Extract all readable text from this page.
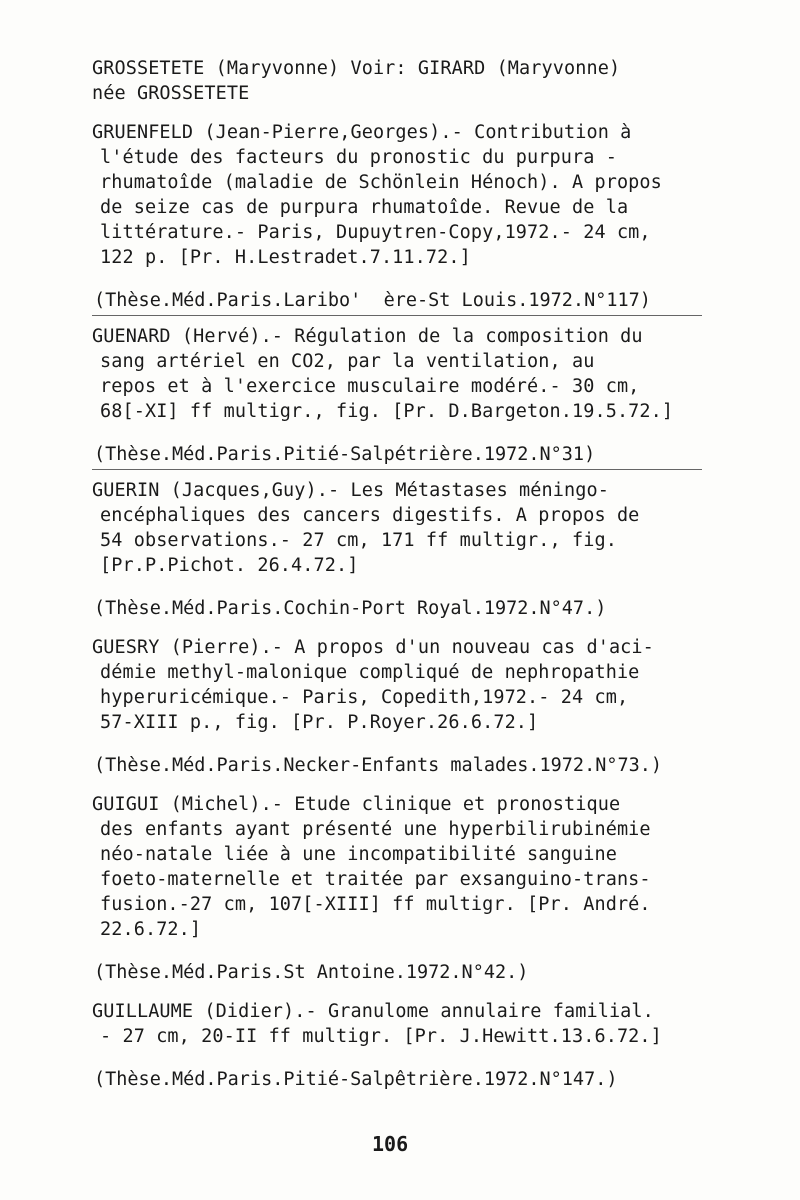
GROSSETETE (Maryvonne) Voir: GIRARD (Maryvonne)
née GROSSETETE
GRUENFELD (Jean-Pierre,Georges).- Contribution à
l'étude des facteurs du pronostic du purpura -
rhumatoîde (maladie de Schönlein Hénoch). A propos
de seize cas de purpura rhumatoîde. Revue de la
littérature.- Paris, Dupuytren-Copy,1972.- 24 cm,
122 p. [Pr. H.Lestradet.7.11.72.]
(Thèse.Méd.Paris.Laribo'  ère-St Louis.1972.N°117)
GUENARD (Hervé).- Régulation de la composition du
sang artériel en CO2, par la ventilation, au
repos et à l'exercice musculaire modéré.- 30 cm,
68[-XI] ff multigr., fig. [Pr. D.Bargeton.19.5.72.]
(Thèse.Méd.Paris.Pitié-Salpétrière.1972.N°31)
GUERIN (Jacques,Guy).- Les Métastases méningo-
encéphaliques des cancers digestifs. A propos de
54 observations.- 27 cm, 171 ff multigr., fig.
[Pr.P.Pichot. 26.4.72.]
(Thèse.Méd.Paris.Cochin-Port Royal.1972.N°47.)
GUESRY (Pierre).- A propos d'un nouveau cas d'aci-
démie methyl-malonique compliqué de nephropathie
hyperuricémique.- Paris, Copedith,1972.- 24 cm,
57-XIII p., fig. [Pr. P.Royer.26.6.72.]
(Thèse.Méd.Paris.Necker-Enfants malades.1972.N°73.)
GUIGUI (Michel).- Etude clinique et pronostique
des enfants ayant présenté une hyperbilirubinémie
néo-natale liée à une incompatibilité sanguine
foeto-maternelle et traitée par exsanguino-trans-
fusion.-27 cm, 107[-XIII] ff multigr. [Pr. André.
22.6.72.]
(Thèse.Méd.Paris.St Antoine.1972.N°42.)
GUILLAUME (Didier).- Granulome annulaire familial.
- 27 cm, 20-II ff multigr. [Pr. J.Hewitt.13.6.72.]
(Thèse.Méd.Paris.Pitié-Salpêtrière.1972.N°147.)
106
